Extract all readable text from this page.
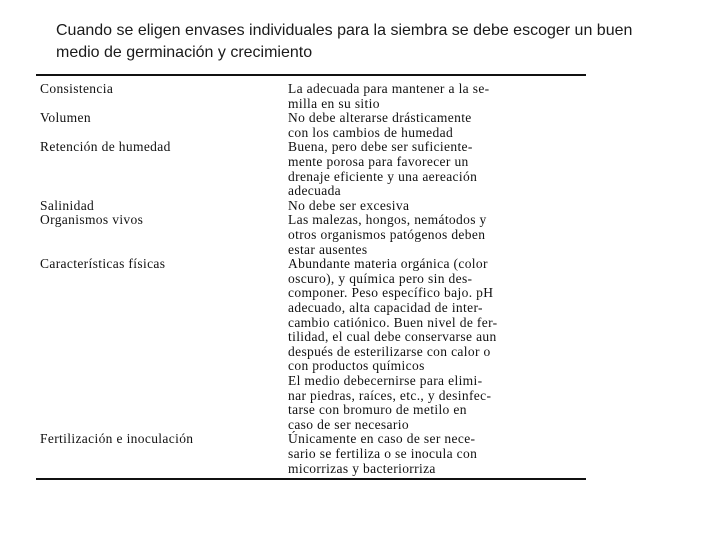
Cuando se eligen envases individuales para la siembra se debe escoger un buen
medio de germinación y crecimiento

Consistencia	La adecuada para mantener a la se-
milla en su sitio
Volumen	No debe alterarse drásticamente
con los cambios de humedad
Retención de humedad	Buena, pero debe ser suficiente-
mente porosa para favorecer un
drenaje eficiente y una aereación
adecuada
Salinidad	No debe ser excesiva
Organismos vivos	Las malezas, hongos, nemátodos y
otros organismos patógenos deben
estar ausentes
Características físicas	Abundante materia orgánica (color
oscuro), y química pero sin des-
componer. Peso específico bajo. pH
adecuado, alta capacidad de inter-
cambio catiónico. Buen nivel de fer-
tilidad, el cual debe conservarse aun
después de esterilizarse con calor o
con productos químicos
El medio debecernirse para elimi-
nar piedras, raíces, etc., y desinfec-
tarse con bromuro de metilo en
caso de ser necesario
Fertilización e inoculación	Únicamente en caso de ser nece-
sario se fertiliza o se inocula con
micorrizas y bacteriorriza
